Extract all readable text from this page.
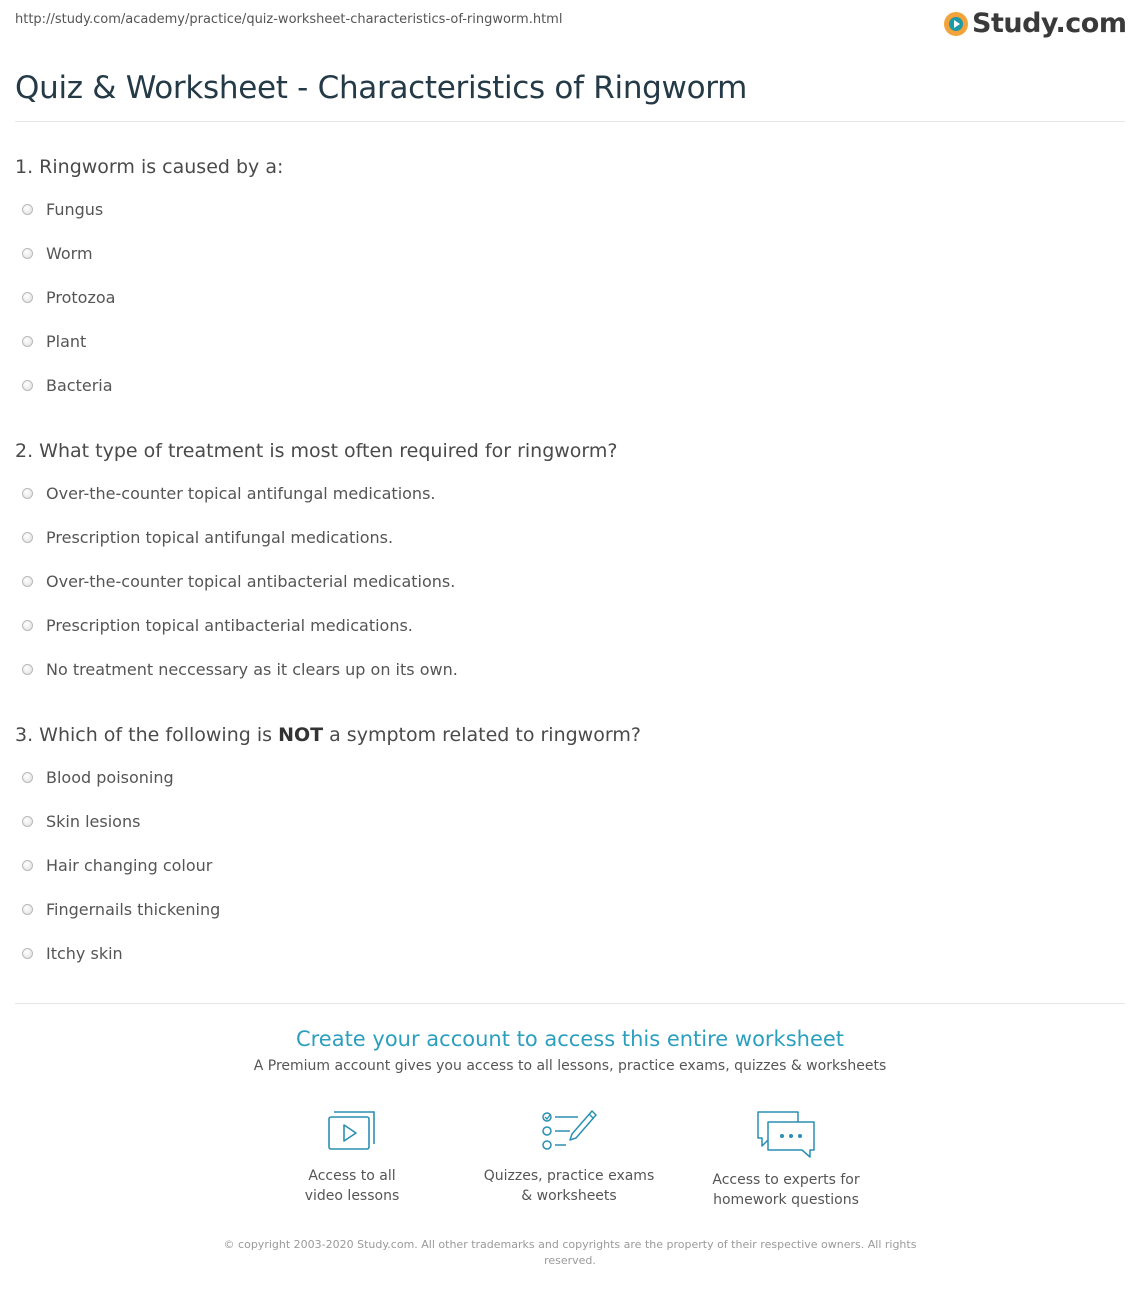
http://study.com/academy/practice/quiz-worksheet-characteristics-of-ringworm.html	Study.com
Quiz & Worksheet - Characteristics of Ringworm
1. Ringworm is caused by a:
Fungus
Worm
Protozoa
Plant
Bacteria
2. What type of treatment is most often required for ringworm?
Over-the-counter topical antifungal medications.
Prescription topical antifungal medications.
Over-the-counter topical antibacterial medications.
Prescription topical antibacterial medications.
No treatment neccessary as it clears up on its own.
3. Which of the following is NOT a symptom related to ringworm?
Blood poisoning
Skin lesions
Hair changing colour
Fingernails thickening
Itchy skin
Create your account to access this entire worksheet
A Premium account gives you access to all lessons, practice exams, quizzes & worksheets
Access to all
video lessons
Quizzes, practice exams
& worksheets
Access to experts for
homework questions
© copyright 2003-2020 Study.com. All other trademarks and copyrights are the property of their respective owners. All rights reserved.
